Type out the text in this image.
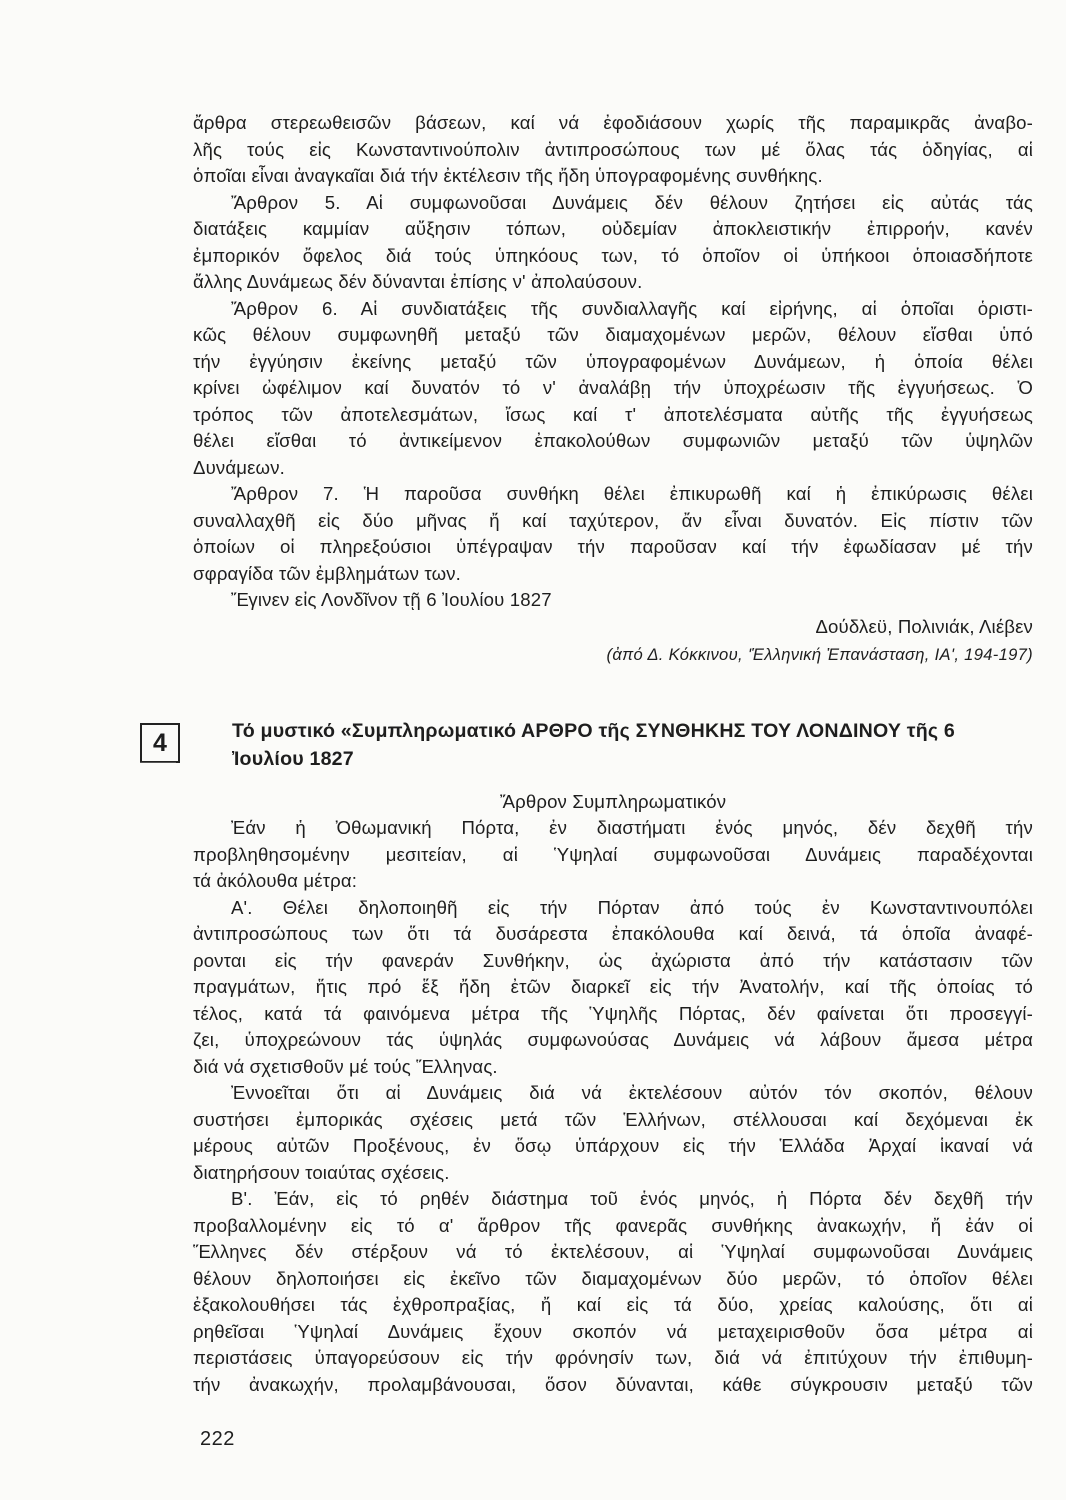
ἄρθρα στερεωθεισῶν βάσεων, καί νά ἐφοδιάσουν χωρίς τῆς παραμικρᾶς ἀναβο-
λῆς τούς εἰς Κωνσταντινούπολιν ἀντιπροσώπους των μέ ὅλας τάς ὁδηγίας, αἱ
ὁποῖαι εἶναι ἀναγκαῖαι διά τήν ἐκτέλεσιν τῆς ἤδη ὑπογραφομένης συνθήκης.
Ἄρθρον 5. Αἱ συμφωνοῦσαι Δυνάμεις δέν θέλουν ζητήσει εἰς αὐτάς τάς
διατάξεις καμμίαν αὔξησιν τόπων, οὐδεμίαν ἀποκλειστικήν ἐπιρροήν, κανέν
ἐμπορικόν ὄφελος διά τούς ὑπηκόους των, τό ὁποῖον οἱ ὑπήκοοι ὁποιασδήποτε
ἄλλης Δυνάμεως δέν δύνανται ἐπίσης ν' ἀπολαύσουν.
Ἄρθρον 6. Αἱ συνδιατάξεις τῆς συνδιαλλαγῆς καί εἰρήνης, αἱ ὁποῖαι ὁριστι-
κῶς θέλουν συμφωνηθῆ μεταξύ τῶν διαμαχομένων μερῶν, θέλουν εἴσθαι ὑπό
τήν ἐγγύησιν ἐκείνης μεταξύ τῶν ὑπογραφομένων Δυνάμεων, ἡ ὁποία θέλει
κρίνει ὠφέλιμον καί δυνατόν τό ν' ἀναλάβῃ τήν ὑποχρέωσιν τῆς ἐγγυήσεως. Ὁ
τρόπος τῶν ἀποτελεσμάτων, ἴσως καί τ' ἀποτελέσματα αὐτῆς τῆς ἐγγυήσεως
θέλει εἴσθαι τό ἀντικείμενον ἐπακολούθων συμφωνιῶν μεταξύ τῶν ὑψηλῶν
Δυνάμεων.
Ἄρθρον 7. Ἡ παροῦσα συνθήκη θέλει ἐπικυρωθῆ καί ἡ ἐπικύρωσις θέλει
συναλλαχθῆ εἰς δύο μῆνας ἤ καί ταχύτερον, ἄν εἶναι δυνατόν. Εἰς πίστιν τῶν
ὁποίων οἱ πληρεξούσιοι ὑπέγραψαν τήν παροῦσαν καί τήν ἐφωδίασαν μέ τήν
σφραγίδα τῶν ἐμβλημάτων των.
Ἔγινεν εἰς Λονδῖνον τῇ 6 Ἰουλίου 1827
Δούδλεϋ, Πολινιάκ, Λιέβεν
(ἀπό Δ. Κόκκινου, 'Ἑλληνική Ἐπανάσταση, ΙΑ', 194-197)
4	Τό μυστικό «Συμπληρωματικό ΑΡΘΡΟ τῆς ΣΥΝΘΗΚΗΣ ΤΟΥ ΛΟΝΔΙΝΟΥ τῆς 6
Ἰουλίου 1827
Ἄρθρον Συμπληρωματικόν
Ἐάν ἡ Ὀθωμανική Πόρτα, ἐν διαστήματι ἑνός μηνός, δέν δεχθῆ τήν
προβληθησομένην μεσιτείαν, αἱ Ὑψηλαί συμφωνοῦσαι Δυνάμεις παραδέχονται
τά ἀκόλουθα μέτρα:
Α'. Θέλει δηλοποιηθῆ εἰς τήν Πόρταν ἀπό τούς ἐν Κωνσταντινουπόλει
ἀντιπροσώπους των ὅτι τά δυσάρεστα ἐπακόλουθα καί δεινά, τά ὁποῖα ἀναφέ-
ρονται εἰς τήν φανεράν Συνθήκην, ὡς ἀχώριστα ἀπό τήν κατάστασιν τῶν
πραγμάτων, ἥτις πρό ἕξ ἤδη ἐτῶν διαρκεῖ εἰς τήν Ἀνατολήν, καί τῆς ὁποίας τό
τέλος, κατά τά φαινόμενα μέτρα τῆς Ὑψηλῆς Πόρτας, δέν φαίνεται ὅτι προσεγγί-
ζει, ὑποχρεώνουν τάς ὑψηλάς συμφωνούσας Δυνάμεις νά λάβουν ἄμεσα μέτρα
διά νά σχετισθοῦν μέ τούς Ἕλληνας.
Ἐννοεῖται ὅτι αἱ Δυνάμεις διά νά ἐκτελέσουν αὐτόν τόν σκοπόν, θέλουν
συστήσει ἐμπορικάς σχέσεις μετά τῶν Ἑλλήνων, στέλλουσαι καί δεχόμεναι ἐκ
μέρους αὐτῶν Προξένους, ἐν ὅσῳ ὑπάρχουν εἰς τήν Ἑλλάδα Ἀρχαί ἱκαναί νά
διατηρήσουν τοιαύτας σχέσεις.
Β'. Ἐάν, εἰς τό ρηθέν διάστημα τοῦ ἑνός μηνός, ἡ Πόρτα δέν δεχθῆ τήν
προβαλλομένην εἰς τό α' ἄρθρον τῆς φανερᾶς συνθήκης ἀνακωχήν, ἤ ἐάν οἱ
Ἕλληνες δέν στέρξουν νά τό ἐκτελέσουν, αἱ Ὑψηλαί συμφωνοῦσαι Δυνάμεις
θέλουν δηλοποιήσει εἰς ἐκεῖνο τῶν διαμαχομένων δύο μερῶν, τό ὁποῖον θέλει
ἐξακολουθήσει τάς ἐχθροπραξίας, ἤ καί εἰς τά δύο, χρείας καλούσης, ὅτι αἱ
ρηθεῖσαι Ὑψηλαί Δυνάμεις ἔχουν σκοπόν νά μεταχειρισθοῦν ὅσα μέτρα αἱ
περιστάσεις ὑπαγορεύσουν εἰς τήν φρόνησίν των, διά νά ἐπιτύχουν τήν ἐπιθυμη-
τήν ἀνακωχήν, προλαμβάνουσαι, ὅσον δύνανται, κάθε σύγκρουσιν μεταξύ τῶν
222
